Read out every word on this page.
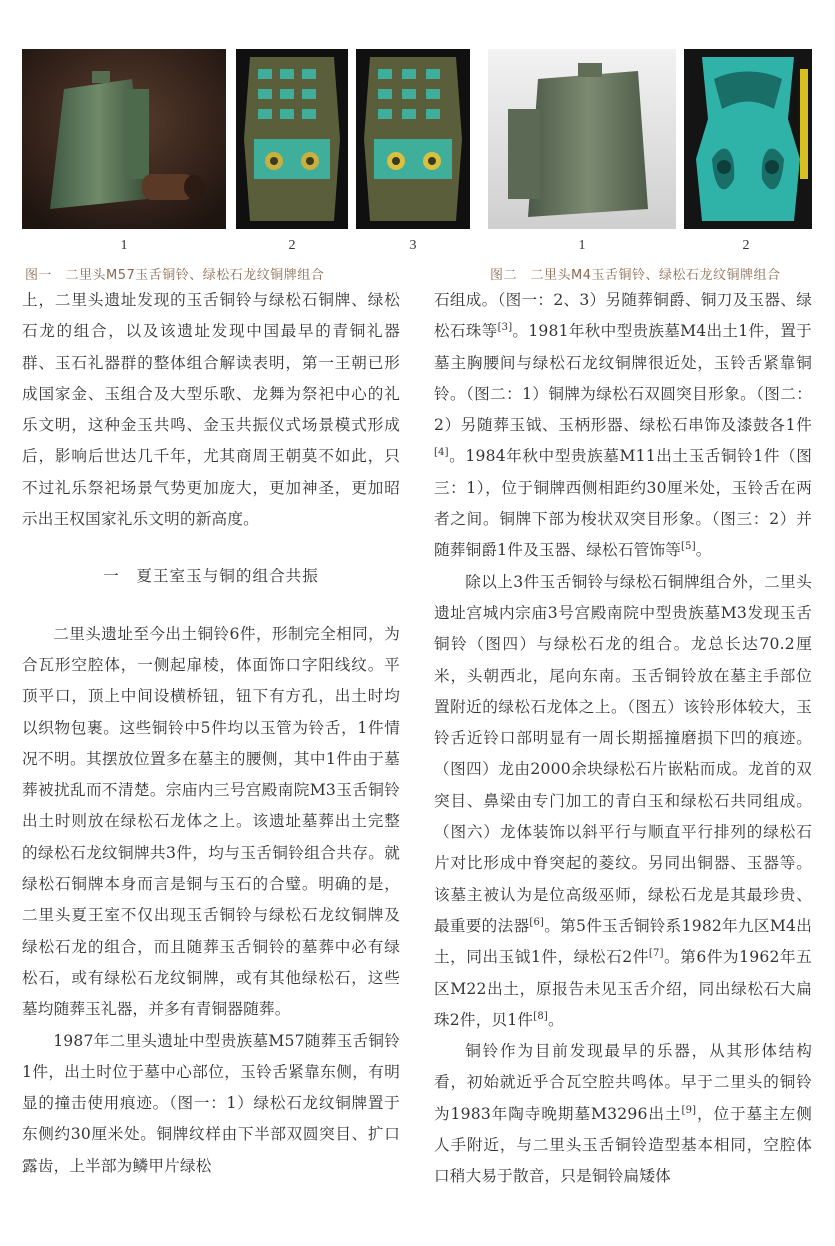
1	2	3	1	2
图一　二里头M57玉舌铜铃、绿松石龙纹铜牌组合	图二　二里头M4玉舌铜铃、绿松石龙纹铜牌组合

上，二里头遗址发现的玉舌铜铃与绿松石铜牌、绿松石龙的组合，以及该遗址发现中国最早的青铜礼器群、玉石礼器群的整体组合解读表明，第一王朝已形成国家金、玉组合及大型乐歌、龙舞为祭祀中心的礼乐文明，这种金玉共鸣、金玉共振仪式场景模式形成后，影响后世达几千年，尤其商周王朝莫不如此，只不过礼乐祭祀场景气势更加庞大，更加神圣，更加昭示出王权国家礼乐文明的新高度。

一　夏王室玉与铜的组合共振

二里头遗址至今出土铜铃6件，形制完全相同，为合瓦形空腔体，一侧起扉棱，体面饰口字阳线纹。平顶平口，顶上中间设横桥钮，钮下有方孔，出土时均以织物包裹。这些铜铃中5件均以玉管为铃舌，1件情况不明。其摆放位置多在墓主的腰侧，其中1件由于墓葬被扰乱而不清楚。宗庙内三号宫殿南院M3玉舌铜铃出土时则放在绿松石龙体之上。该遗址墓葬出土完整的绿松石龙纹铜牌共3件，均与玉舌铜铃组合共存。就绿松石铜牌本身而言是铜与玉石的合璧。明确的是，二里头夏王室不仅出现玉舌铜铃与绿松石龙纹铜牌及绿松石龙的组合，而且随葬玉舌铜铃的墓葬中必有绿松石，或有绿松石龙纹铜牌，或有其他绿松石，这些墓均随葬玉礼器，并多有青铜器随葬。

1987年二里头遗址中型贵族墓M57随葬玉舌铜铃1件，出土时位于墓中心部位，玉铃舌紧靠东侧，有明显的撞击使用痕迹。（图一：1）绿松石龙纹铜牌置于东侧约30厘米处。铜牌纹样由下半部双圆突目、扩口露齿，上半部为鳞甲片绿松

石组成。（图一：2、3）另随葬铜爵、铜刀及玉器、绿松石珠等[3]。1981年秋中型贵族墓M4出土1件，置于墓主胸腰间与绿松石龙纹铜牌很近处，玉铃舌紧靠铜铃。（图二：1）铜牌为绿松石双圆突目形象。（图二：2）另随葬玉钺、玉柄形器、绿松石串饰及漆鼓各1件[4]。1984年秋中型贵族墓M11出土玉舌铜铃1件（图三：1），位于铜牌西侧相距约30厘米处，玉铃舌在两者之间。铜牌下部为梭状双突目形象。（图三：2）并随葬铜爵1件及玉器、绿松石管饰等[5]。

除以上3件玉舌铜铃与绿松石铜牌组合外，二里头遗址宫城内宗庙3号宫殿南院中型贵族墓M3发现玉舌铜铃（图四）与绿松石龙的组合。龙总长达70.2厘米，头朝西北，尾向东南。玉舌铜铃放在墓主手部位置附近的绿松石龙体之上。（图五）该铃形体较大，玉铃舌近铃口部明显有一周长期摇撞磨损下凹的痕迹。（图四）龙由2000余块绿松石片嵌粘而成。龙首的双突目、鼻梁由专门加工的青白玉和绿松石共同组成。（图六）龙体装饰以斜平行与顺直平行排列的绿松石片对比形成中脊突起的菱纹。另同出铜器、玉器等。该墓主被认为是位高级巫师，绿松石龙是其最珍贵、最重要的法器[6]。第5件玉舌铜铃系1982年九区M4出土，同出玉钺1件，绿松石2件[7]。第6件为1962年五区M22出土，原报告未见玉舌介绍，同出绿松石大扁珠2件，贝1件[8]。

铜铃作为目前发现最早的乐器，从其形体结构看，初始就近乎合瓦空腔共鸣体。早于二里头的铜铃为1983年陶寺晚期墓M3296出土[9]，位于墓主左侧人手附近，与二里头玉舌铜铃造型基本相同，空腔体口稍大易于散音，只是铜铃扁矮体
